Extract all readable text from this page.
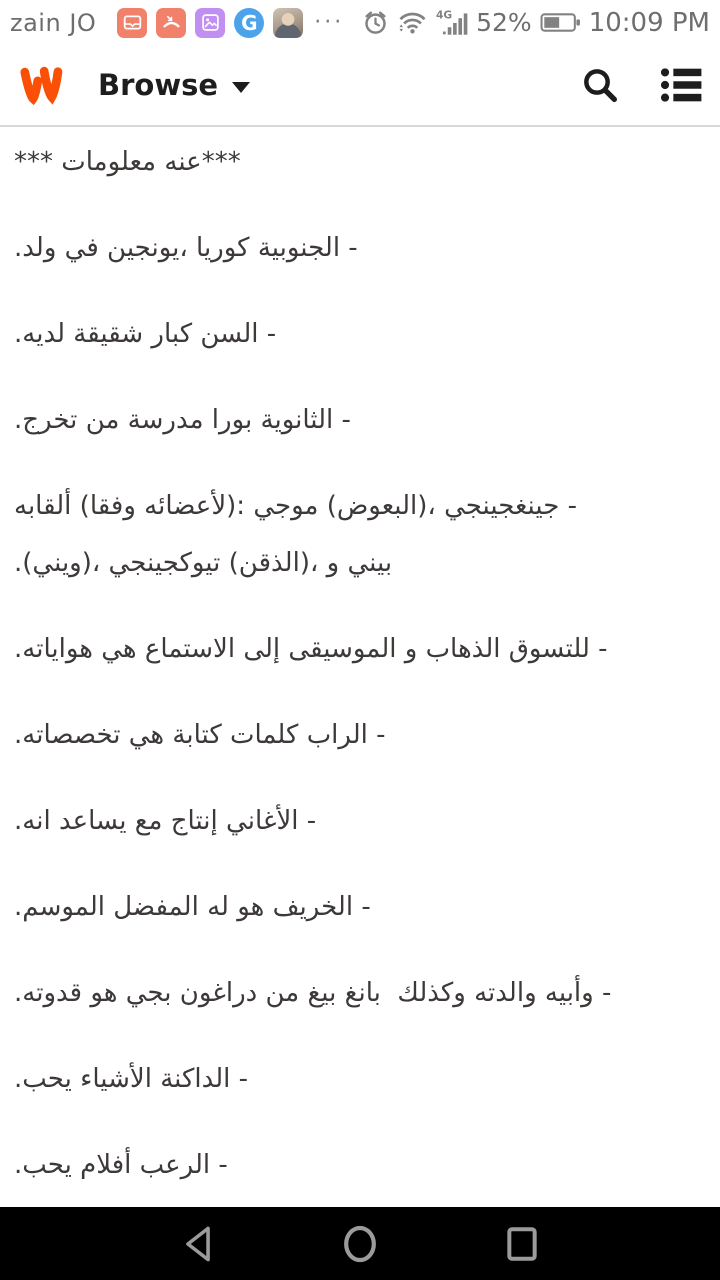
zain JO	G	···	4G 52% 10:09 PM
Browse
*** معلومات‎ عنه‎***
.ولد‎ في‎ يونجين،‎ كوريا‎ الجنوبية‎ -
.لديه‎ شقيقة‎ كبار‎ السن‎ -
.تخرج‎ من‎ مدرسة‎ بورا‎ الثانوية‎ -
ألقابه‎ (وفقا‎ لأعضائه):‎ موجي‎ (البعوض)،‎ جينغجينجي‎ -
.(ويني)،‎ تيوكجينجي‎ (الذقن)،‎ و‎ بيني
.هواياته‎ هي‎ الاستماع‎ إلى‎ الموسيقى‎ و‎ الذهاب‎ للتسوق‎ -
.تخصصاته‎ هي‎ كتابة‎ كلمات‎ الراب‎ -
.انه‎ يساعد‎ مع‎ إنتاج‎ الأغاني‎ -
.الموسم‎ المفضل‎ له‎ هو‎ الخريف‎ -
.قدوته‎ هو‎ بجي‎ دراغون‎ من‎ بيغ‎ بانغ‎  وكذلك‎ والدته‎ وأبيه‎ -
.يحب‎ الأشياء‎ الداكنة‎ -
.يحب‎ أفلام‎ الرعب‎ -
